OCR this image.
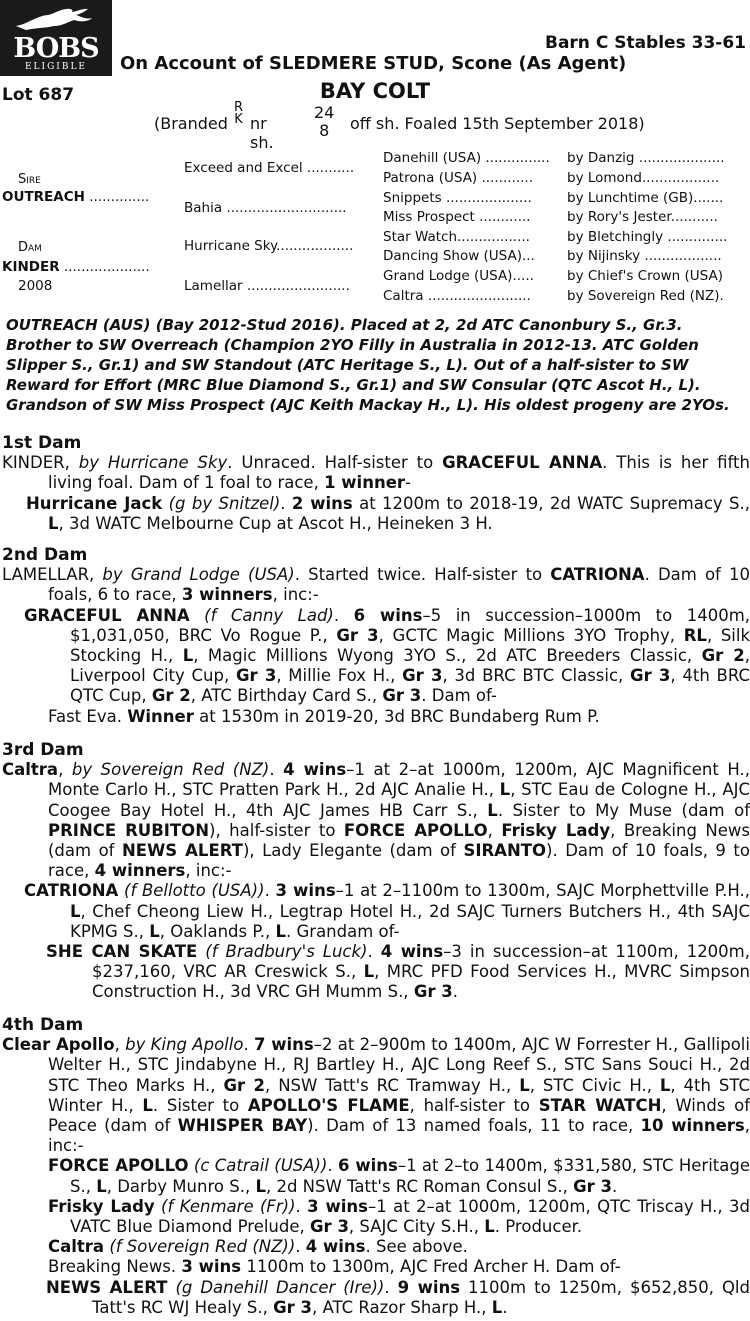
BOBS
ELIGIBLE
Barn C Stables 33-61
On Account of SLEDMERE STUD, Scone (As Agent)
Lot 687	BAY COLT
(Branded
R
K nr sh.
24
8	off sh. Foaled 15th September 2018)
Sire
OUTREACH ..............
Dam
KINDER ....................
2008
Exceed and Excel ...........
Bahia ............................
Hurricane Sky..................
Lamellar ........................
Danehill (USA) ...............
Patrona (USA) ............
Snippets ....................
Miss Prospect ............
Star Watch.................
Dancing Show (USA)...
Grand Lodge (USA).....
Caltra ........................
by Danzig ....................
by Lomond..................
by Lunchtime (GB).......
by Rory's Jester...........
by Bletchingly ..............
by Nijinsky ..................
by Chief's Crown (USA)
by Sovereign Red (NZ).
OUTREACH (AUS) (Bay 2012-Stud 2016). Placed at 2, 2d ATC Canonbury S., Gr.3. Brother to SW Overreach (Champion 2YO Filly in Australia in 2012-13. ATC Golden Slipper S., Gr.1) and SW Standout (ATC Heritage S., L). Out of a half-sister to SW Reward for Effort (MRC Blue Diamond S., Gr.1) and SW Consular (QTC Ascot H., L). Grandson of SW Miss Prospect (AJC Keith Mackay H., L). His oldest progeny are 2YOs.
1st Dam

KINDER, by Hurricane Sky. Unraced. Half-sister to GRACEFUL ANNA. This is her fifth living foal. Dam of 1 foal to race, 1 winner-

Hurricane Jack (g by Snitzel). 2 wins at 1200m to 2018-19, 2d WATC Supremacy S., L, 3d WATC Melbourne Cup at Ascot H., Heineken 3 H.

2nd Dam

LAMELLAR, by Grand Lodge (USA). Started twice. Half-sister to CATRIONA. Dam of 10 foals, 6 to race, 3 winners, inc:-

GRACEFUL ANNA (f Canny Lad). 6 wins–5 in succession–1000m to 1400m, $1,031,050, BRC Vo Rogue P., Gr 3, GCTC Magic Millions 3YO Trophy, RL, Silk Stocking H., L, Magic Millions Wyong 3YO S., 2d ATC Breeders Classic, Gr 2, Liverpool City Cup, Gr 3, Millie Fox H., Gr 3, 3d BRC BTC Classic, Gr 3, 4th BRC QTC Cup, Gr 2, ATC Birthday Card S., Gr 3. Dam of-

Fast Eva. Winner at 1530m in 2019-20, 3d BRC Bundaberg Rum P.

3rd Dam

Caltra, by Sovereign Red (NZ). 4 wins–1 at 2–at 1000m, 1200m, AJC Magnificent H., Monte Carlo H., STC Pratten Park H., 2d AJC Analie H., L, STC Eau de Cologne H., AJC Coogee Bay Hotel H., 4th AJC James HB Carr S., L. Sister to My Muse (dam of PRINCE RUBITON), half-sister to FORCE APOLLO, Frisky Lady, Breaking News (dam of NEWS ALERT), Lady Elegante (dam of SIRANTO). Dam of 10 foals, 9 to race, 4 winners, inc:-

CATRIONA (f Bellotto (USA)). 3 wins–1 at 2–1100m to 1300m, SAJC Morphettville P.H., L, Chef Cheong Liew H., Legtrap Hotel H., 2d SAJC Turners Butchers H., 4th SAJC KPMG S., L, Oaklands P., L. Grandam of-

SHE CAN SKATE (f Bradbury's Luck). 4 wins–3 in succession–at 1100m, 1200m, $237,160, VRC AR Creswick S., L, MRC PFD Food Services H., MVRC Simpson Construction H., 3d VRC GH Mumm S., Gr 3.

4th Dam

Clear Apollo, by King Apollo. 7 wins–2 at 2–900m to 1400m, AJC W Forrester H., Gallipoli Welter H., STC Jindabyne H., RJ Bartley H., AJC Long Reef S., STC Sans Souci H., 2d STC Theo Marks H., Gr 2, NSW Tatt's RC Tramway H., L, STC Civic H., L, 4th STC Winter H., L. Sister to APOLLO'S FLAME, half-sister to STAR WATCH, Winds of Peace (dam of WHISPER BAY). Dam of 13 named foals, 11 to race, 10 winners, inc:-

FORCE APOLLO (c Catrail (USA)). 6 wins–1 at 2–to 1400m, $331,580, STC Heritage S., L, Darby Munro S., L, 2d NSW Tatt's RC Roman Consul S., Gr 3.

Frisky Lady (f Kenmare (Fr)). 3 wins–1 at 2–at 1000m, 1200m, QTC Triscay H., 3d VATC Blue Diamond Prelude, Gr 3, SAJC City S.H., L. Producer.

Caltra (f Sovereign Red (NZ)). 4 wins. See above.

Breaking News. 3 wins 1100m to 1300m, AJC Fred Archer H. Dam of-

NEWS ALERT (g Danehill Dancer (Ire)). 9 wins 1100m to 1250m, $652,850, Qld Tatt's RC WJ Healy S., Gr 3, ATC Razor Sharp H., L.
